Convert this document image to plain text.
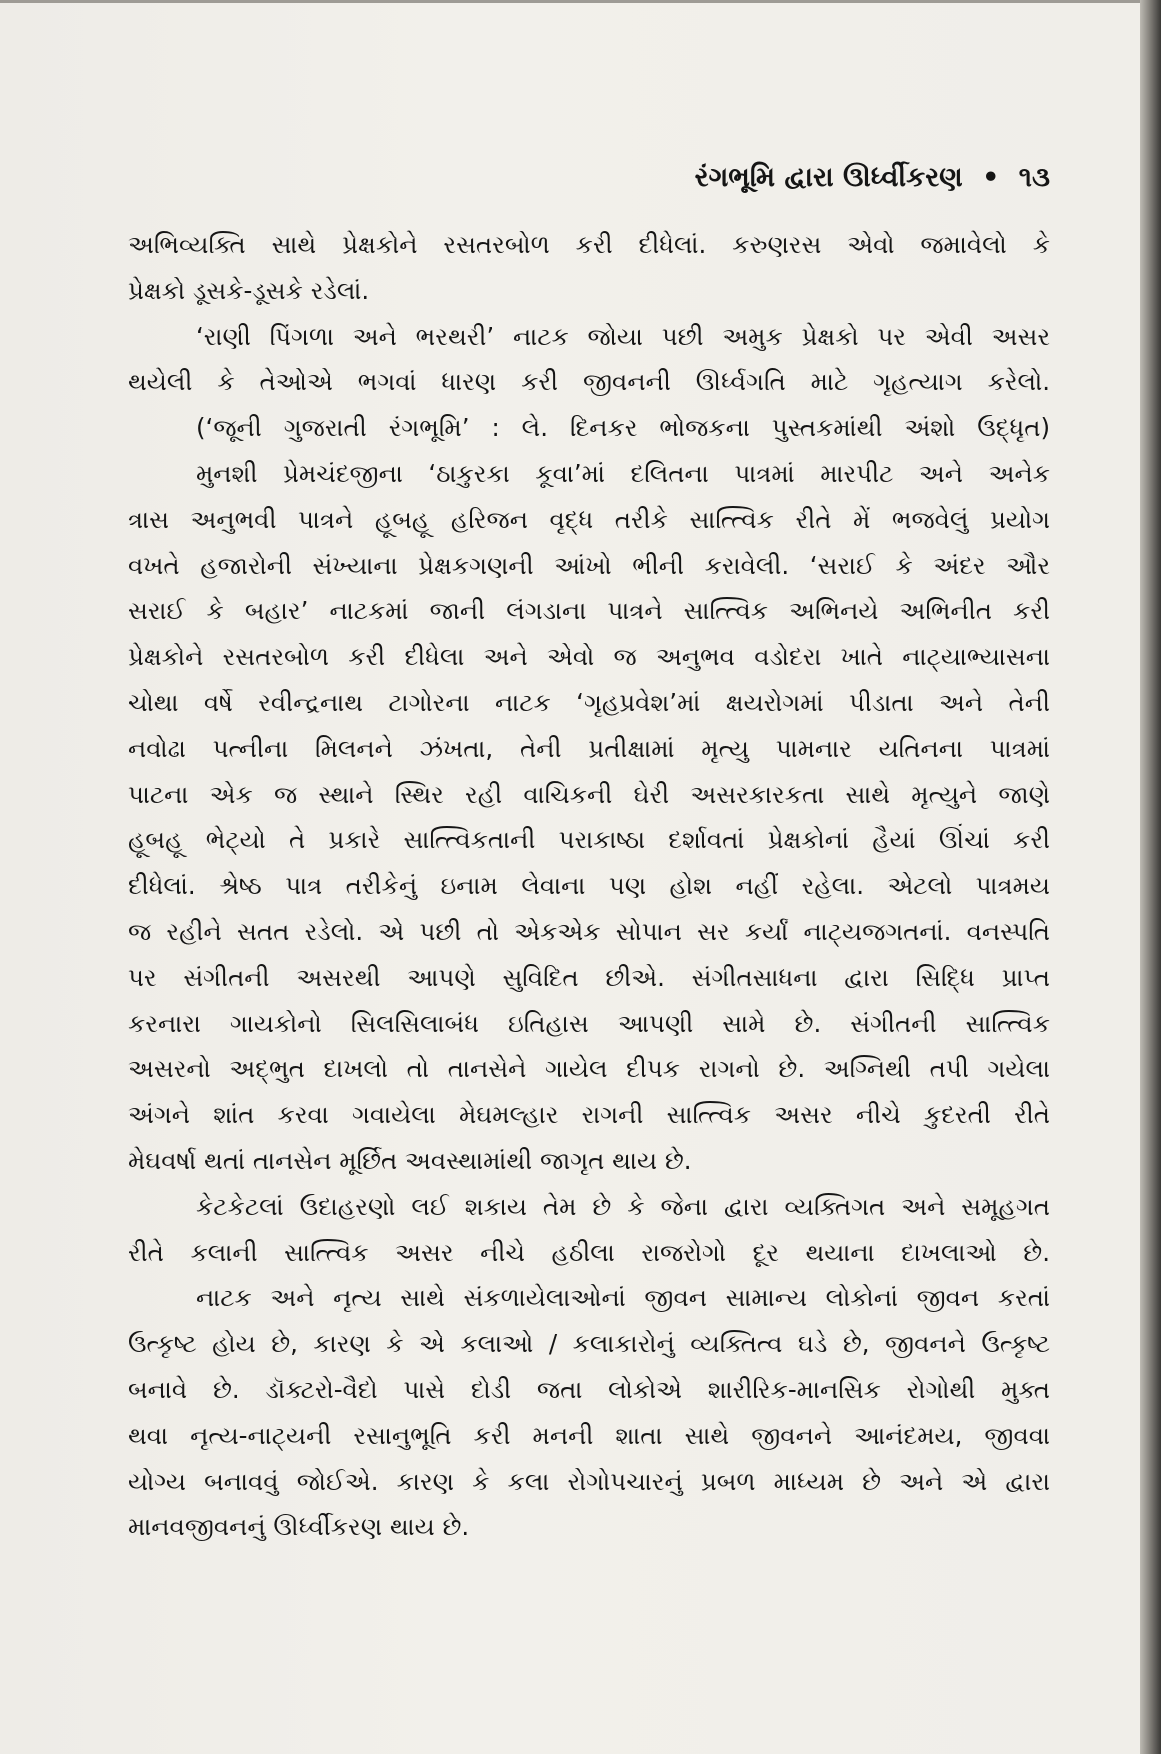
રંગભૂમિ દ્વારા ઊર્ધ્વીકરણ • ૧૩
અભિવ્યક્તિ સાથે પ્રેક્ષકોને રસતરબોળ કરી દીધેલાં. કરુણરસ એવો જમાવેલો કે
પ્રેક્ષકો ડૂસકે-ડૂસકે રડેલાં.
‘રાણી પિંગળા અને ભરથરી’ નાટક જોયા પછી અમુક પ્રેક્ષકો પર એવી અસર
થયેલી કે તેઓએ ભગવાં ધારણ કરી જીવનની ઊર્ધ્વગતિ માટે ગૃહત્યાગ કરેલો.
(‘જૂની ગુજરાતી રંગભૂમિ’ : લે. દિનકર ભોજકના પુસ્તકમાંથી અંશો ઉદ્ધૃત)
મુનશી પ્રેમચંદજીના ‘ઠાકુરકા કૂવા’માં દલિતના પાત્રમાં મારપીટ અને અનેક
ત્રાસ અનુભવી પાત્રને હૂબહૂ હરિજન વૃદ્ધ તરીકે સાત્ત્વિક રીતે મેં ભજવેલું પ્રયોગ
વખતે હજારોની સંખ્યાના પ્રેક્ષકગણની આંખો ભીની કરાવેલી. ‘સરાઈ કે અંદર ઔર
સરાઈ કે બહાર’ નાટકમાં જાની લંગડાના પાત્રને સાત્ત્વિક અભિનયે અભિનીત કરી
પ્રેક્ષકોને રસતરબોળ કરી દીધેલા અને એવો જ અનુભવ વડોદરા ખાતે નાટ્યાભ્યાસના
ચોથા વર્ષે રવીન્દ્રનાથ ટાગોરના નાટક ‘ગૃહપ્રવેશ’માં ક્ષયરોગમાં પીડાતા અને તેની
નવોઢા પત્નીના મિલનને ઝંખતા, તેની પ્રતીક્ષામાં મૃત્યુ પામનાર યતિનના પાત્રમાં
પાટના એક જ સ્થાને સ્થિર રહી વાચિકની ઘેરી અસરકારકતા સાથે મૃત્યુને જાણે
હૂબહૂ ભેટ્યો તે પ્રકારે સાત્ત્વિકતાની પરાકાષ્ઠા દર્શાવતાં પ્રેક્ષકોનાં હૈયાં ઊંચાં કરી
દીધેલાં. શ્રેષ્ઠ પાત્ર તરીકેનું ઇનામ લેવાના પણ હોશ નહીં રહેલા. એટલો પાત્રમય
જ રહીને સતત રડેલો. એ પછી તો એકએક સોપાન સર કર્યાં નાટ્યજગતનાં. વનસ્પતિ
પર સંગીતની અસરથી આપણે સુવિદિત છીએ. સંગીતસાધના દ્વારા સિદ્ધિ પ્રાપ્ત
કરનારા ગાયકોનો સિલસિલાબંધ ઇતિહાસ આપણી સામે છે. સંગીતની સાત્ત્વિક
અસરનો અદ્ભુત દાખલો તો તાનસેને ગાયેલ દીપક રાગનો છે. અગ્નિથી તપી ગયેલા
અંગને શાંત કરવા ગવાયેલા મેઘમલ્હાર રાગની સાત્ત્વિક અસર નીચે કુદરતી રીતે
મેઘવર્ષા થતાં તાનસેન મૂર્છિત અવસ્થામાંથી જાગૃત થાય છે.
કેટકેટલાં ઉદાહરણો લઈ શકાય તેમ છે કે જેના દ્વારા વ્યક્તિગત અને સમૂહગત
રીતે કલાની સાત્ત્વિક અસર નીચે હઠીલા રાજરોગો દૂર થયાના દાખલાઓ છે.
નાટક અને નૃત્ય સાથે સંકળાયેલાઓનાં જીવન સામાન્ય લોકોનાં જીવન કરતાં
ઉત્કૃષ્ટ હોય છે, કારણ કે એ કલાઓ / કલાકારોનું વ્યક્તિત્વ ઘડે છે, જીવનને ઉત્કૃષ્ટ
બનાવે છે. ડૉક્ટરો-વૈદો પાસે દોડી જતા લોકોએ શારીરિક-માનસિક રોગોથી મુક્ત
થવા નૃત્ય-નાટ્યની રસાનુભૂતિ કરી મનની શાતા સાથે જીવનને આનંદમય, જીવવા
યોગ્ય બનાવવું જોઈએ. કારણ કે કલા રોગોપચારનું પ્રબળ માધ્યમ છે અને એ દ્વારા
માનવજીવનનું ઊર્ધ્વીકરણ થાય છે.
